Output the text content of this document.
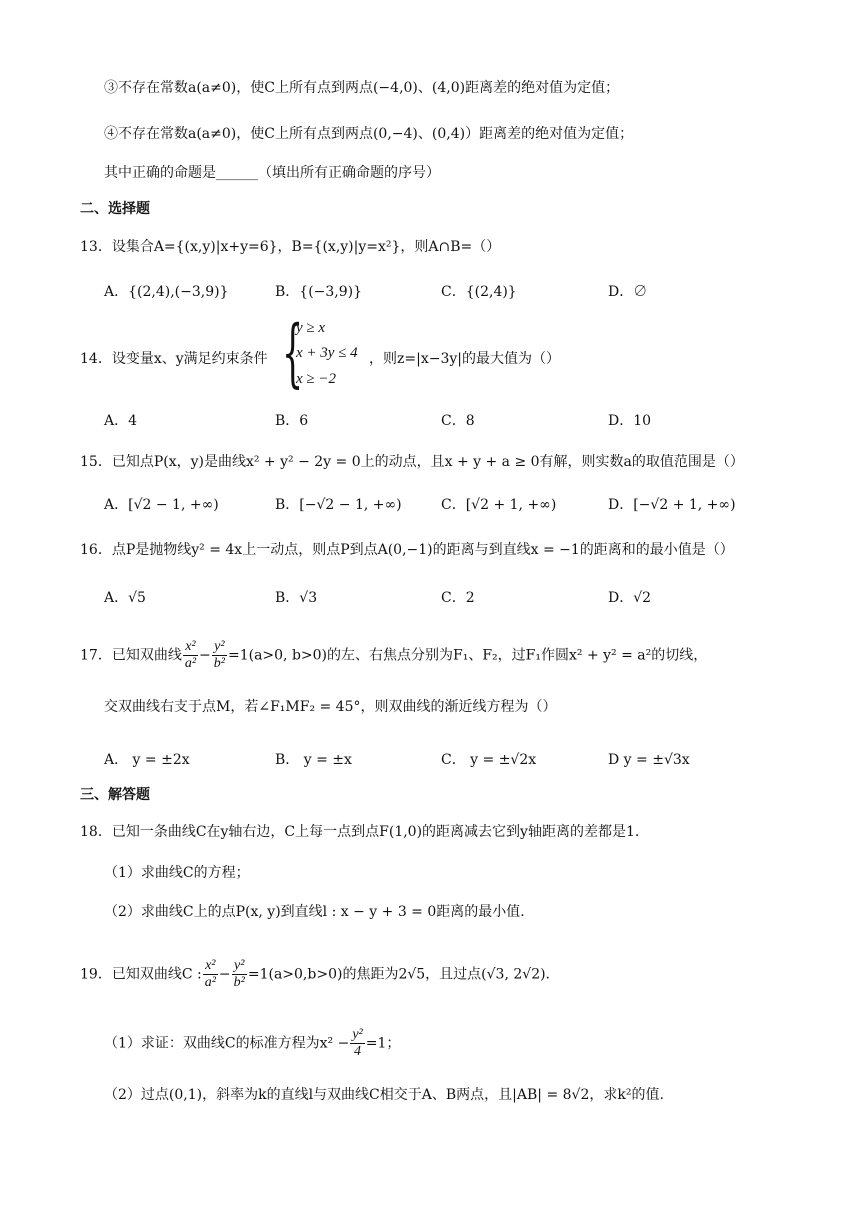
③不存在常数a(a≠0)，使C上所有点到两点(−4,0)、(4,0)距离差的绝对值为定值；
④不存在常数a(a≠0)，使C上所有点到两点(0,−4)、(0,4)）距离差的绝对值为定值；
其中正确的命题是______（填出所有正确命题的序号）
二、选择题
13．设集合A={(x,y)|x+y=6}，B={(x,y)|y=x²}，则A∩B=（）
A．{(2,4),(−3,9)}	B．{(−3,9)}	C．{(2,4)}	D．∅
14．设变量x、y满足约束条件 {
y ≥ x
x + 3y ≤ 4
x ≥ −2
，则z=|x−3y|的最大值为（）
A．4	B．6	C．8	D．10
15．已知点P(x，y)是曲线x² + y² − 2y = 0上的动点，且x + y + a ≥ 0有解，则实数a的取值范围是（）
A．[√2 − 1, +∞)	B．[−√2 − 1, +∞)	C．[√2 + 1, +∞)	D．[−√2 + 1, +∞)
16．点P是抛物线y² = 4x上一动点，则点P到点A(0,−1)的距离与到直线x = −1的距离和的最小值是（）
A．√5	B．√3	C．2	D．√2
17．已知双曲线 $\frac{\text{x²}}{\text{a²}} - \frac{\text{y²}}{\text{b²}} =1(a>0$, b>0)的左、右焦点分别为F₁、F₂，过F₁作圆x² + y² = a²的切线，
交双曲线右支于点M，若∠F₁MF₂ = 45°，则双曲线的渐近线方程为（）
A． y = ±2x	B． y = ±x	C． y = ±√2x	D y = ±√3x
三、解答题
18．已知一条曲线C在y轴右边，C上每一点到点F(1,0)的距离减去它到y轴距离的差都是1.
（1）求曲线C的方程；
（2）求曲线C上的点P(x, y)到直线l : x − y + 3 = 0距离的最小值.
19．已知双曲线C : $\frac{\text{x²}}{\text{a²}} - \frac{\text{y²}}{\text{b²}} =1(a>0,b>0)$的焦距为2√5，且过点(√3, 2√2).
（1）求证：双曲线C的标准方程为$x^2 - \frac{\text{y²}}{4} =1$；
（2）过点(0,1)，斜率为k的直线l与双曲线C相交于A、B两点，且|AB| = 8√2，求k²的值.
